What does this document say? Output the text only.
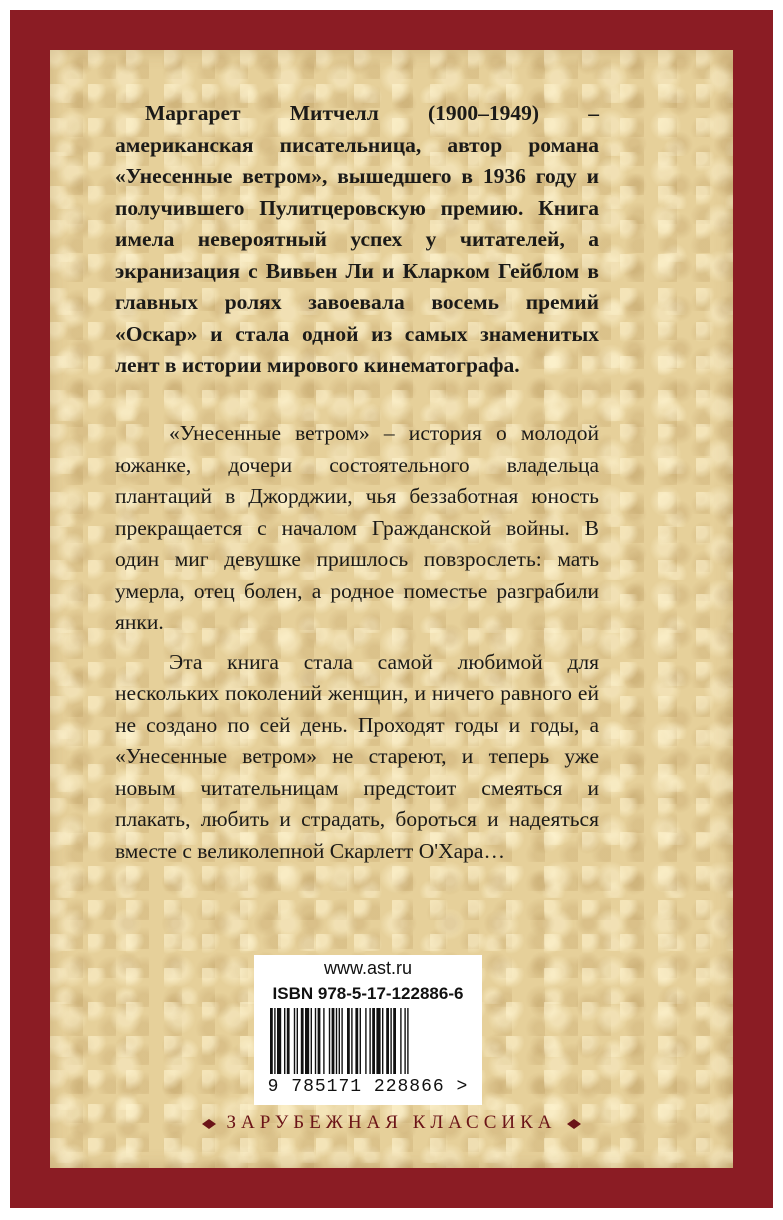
Маргарет Митчелл (1900–1949) – американская писательница, автор романа «Унесенные ветром», вышедшего в 1936 году и получившего Пулитцеровскую премию. Книга имела невероятный успех у читателей, а экранизация с Вивьен Ли и Кларком Гейблом в главных ролях завоевала восемь премий «Оскар» и стала одной из самых знаменитых лент в истории мирового кинематографа.

«Унесенные ветром» – история о молодой южанке, дочери состоятельного владельца плантаций в Джорджии, чья беззаботная юность прекращается с началом Гражданской войны. В один миг девушке пришлось повзрослеть: мать умерла, отец болен, а родное поместье разграбили янки.

Эта книга стала самой любимой для нескольких поколений женщин, и ничего равного ей не создано по сей день. Проходят годы и годы, а «Унесенные ветром» не стареют, и теперь уже новым читательницам предстоит смеяться и плакать, любить и страдать, бороться и надеяться вместе с великолепной Скарлетт О'Хара…

www.ast.ru
ISBN 978-5-17-122886-6
9 785171 228866 >
ЗАРУБЕЖНАЯ КЛАССИКА
